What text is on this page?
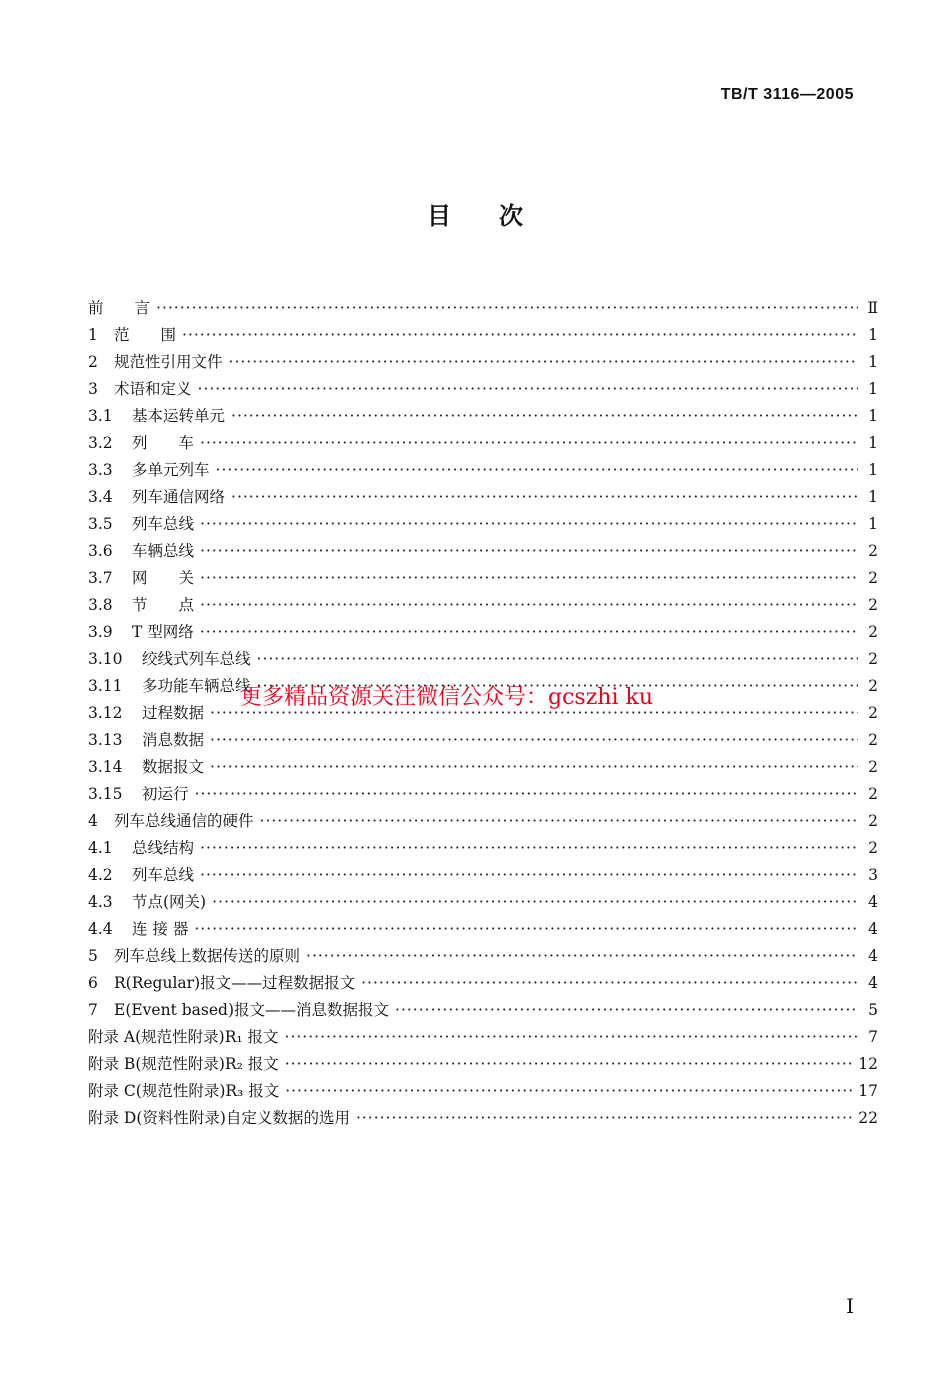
TB/T 3116—2005
目次
前　　言 ·····	Ⅱ
1	范　　围 ·····	1
2	规范性引用文件 ·····	1
3	术语和定义 ·····	1
3.1	基本运转单元 ·····	1
3.2	列　　车 ·····	1
3.3	多单元列车 ·····	1
3.4	列车通信网络 ·····	1
3.5	列车总线 ·····	1
3.6	车辆总线 ·····	2
3.7	网　　关 ·····	2
3.8	节　　点 ·····	2
3.9	T 型网络 ·····	2
3.10	绞线式列车总线 ·····	2
3.11	多功能车辆总线 ·····	2
3.12	过程数据 ·····	2
3.13	消息数据 ·····	2
3.14	数据报文 ·····	2
3.15	初运行 ·····	2
4	列车总线通信的硬件 ·····	2
4.1	总线结构 ·····	2
4.2	列车总线 ·····	3
4.3	节点(网关) ·····	4
4.4	连 接 器 ·····	4
5	列车总线上数据传送的原则 ·····	4
6	R(Regular)报文——过程数据报文 ·····	4
7	E(Event based)报文——消息数据报文 ·····	5
附录 A(规范性附录)R₁ 报文 ·····	7
附录 B(规范性附录)R₂ 报文 ·····	12
附录 C(规范性附录)R₃ 报文 ·····	17
附录 D(资料性附录)自定义数据的选用 ·····	22
I
更多精品资源关注微信公众号：gcszhi ku
